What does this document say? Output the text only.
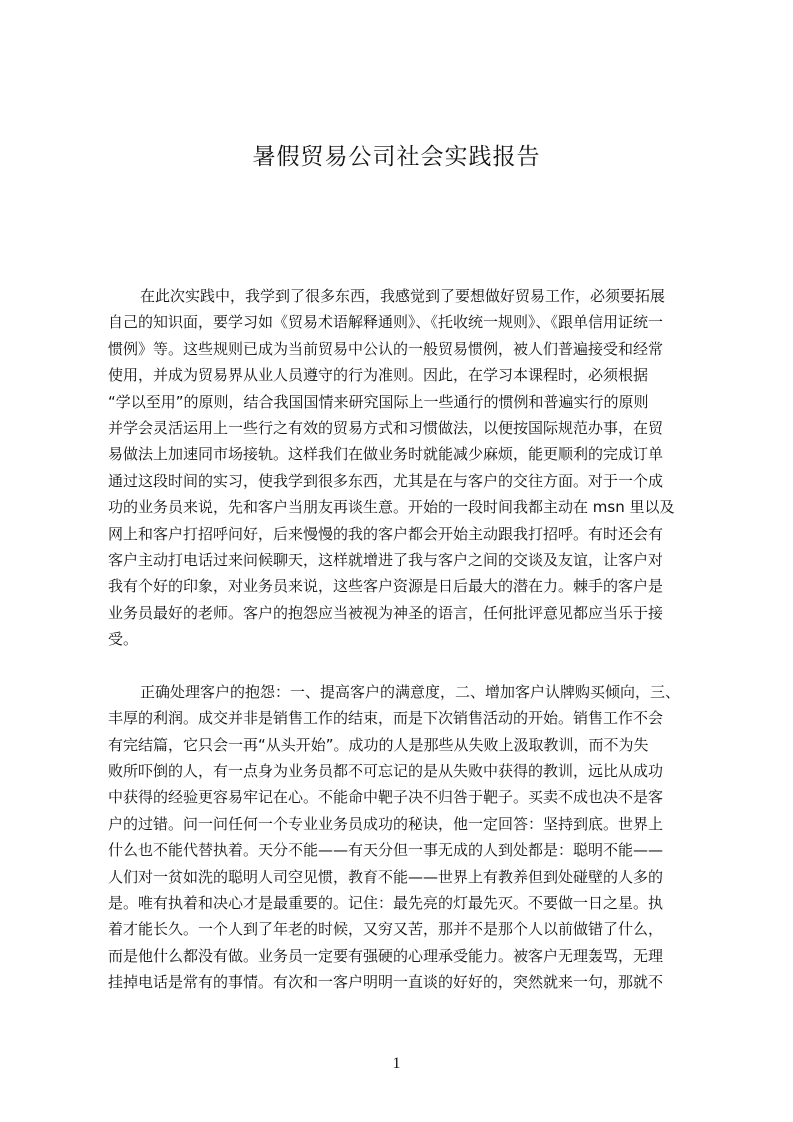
暑假贸易公司社会实践报告
在此次实践中，我学到了很多东西，我感觉到了要想做好贸易工作，必须要拓展
自己的知识面，要学习如《贸易术语解释通则》、《托收统一规则》、《跟单信用证统一
惯例》等。这些规则已成为当前贸易中公认的一般贸易惯例，被人们普遍接受和经常
使用，并成为贸易界从业人员遵守的行为准则。因此，在学习本课程时，必须根据
“学以至用”的原则，结合我国国情来研究国际上一些通行的惯例和普遍实行的原则
并学会灵活运用上一些行之有效的贸易方式和习惯做法，以便按国际规范办事，在贸
易做法上加速同市场接轨。这样我们在做业务时就能减少麻烦，能更顺利的完成订单
通过这段时间的实习，使我学到很多东西，尤其是在与客户的交往方面。对于一个成
功的业务员来说，先和客户当朋友再谈生意。开始的一段时间我都主动在 msn 里以及
网上和客户打招呼问好，后来慢慢的我的客户都会开始主动跟我打招呼。有时还会有
客户主动打电话过来问候聊天，这样就增进了我与客户之间的交谈及友谊，让客户对
我有个好的印象，对业务员来说，这些客户资源是日后最大的潜在力。棘手的客户是
业务员最好的老师。客户的抱怨应当被视为神圣的语言，任何批评意见都应当乐于接
受。
正确处理客户的抱怨：一、提高客户的满意度，二、增加客户认牌购买倾向，三、
丰厚的利润。成交并非是销售工作的结束，而是下次销售活动的开始。销售工作不会
有完结篇，它只会一再“从头开始”。成功的人是那些从失败上汲取教训，而不为失
败所吓倒的人，有一点身为业务员都不可忘记的是从失败中获得的教训，远比从成功
中获得的经验更容易牢记在心。不能命中靶子决不归咎于靶子。买卖不成也决不是客
户的过错。问一问任何一个专业业务员成功的秘诀，他一定回答：坚持到底。世界上
什么也不能代替执着。天分不能——有天分但一事无成的人到处都是：聪明不能——
人们对一贫如洗的聪明人司空见惯，教育不能——世界上有教养但到处碰壁的人多的
是。唯有执着和决心才是最重要的。记住：最先亮的灯最先灭。不要做一日之星。执
着才能长久。一个人到了年老的时候，又穷又苦，那并不是那个人以前做错了什么，
而是他什么都没有做。业务员一定要有强硬的心理承受能力。被客户无理轰骂，无理
挂掉电话是常有的事情。有次和一客户明明一直谈的好好的，突然就来一句，那就不
1
